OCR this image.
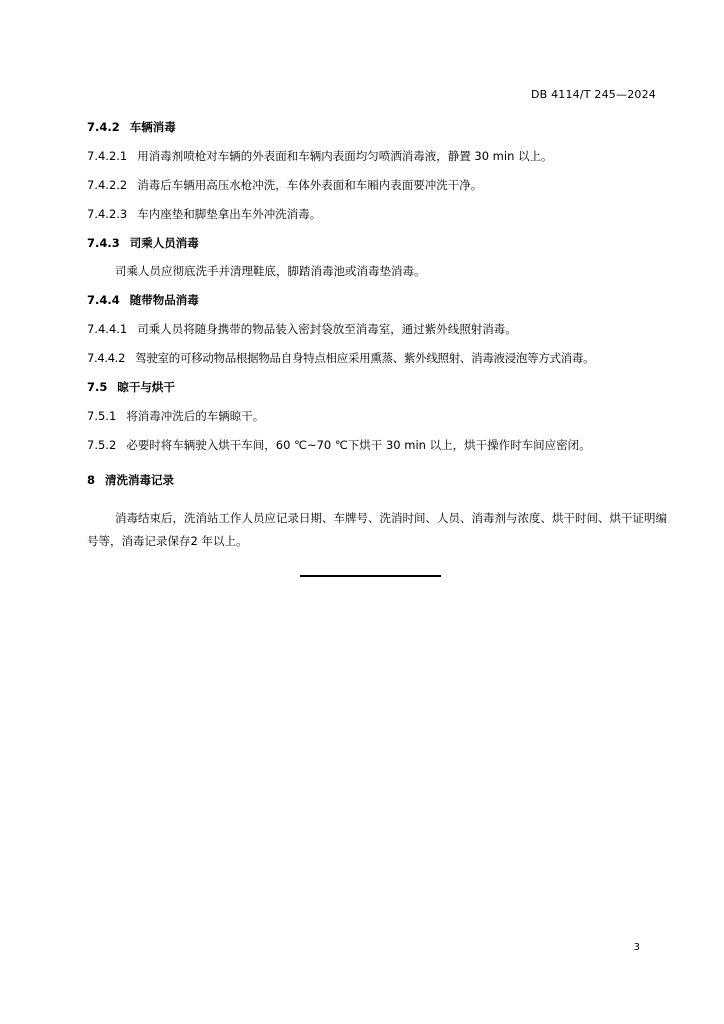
DB 4114/T 245—2024
7.4.2 车辆消毒
7.4.2.1 用消毒剂喷枪对车辆的外表面和车辆内表面均匀喷洒消毒液，静置 30 min 以上。
7.4.2.2 消毒后车辆用高压水枪冲洗，车体外表面和车厢内表面要冲洗干净。
7.4.2.3 车内座垫和脚垫拿出车外冲洗消毒。
7.4.3 司乘人员消毒
司乘人员应彻底洗手并清理鞋底，脚踏消毒池或消毒垫消毒。
7.4.4 随带物品消毒
7.4.4.1 司乘人员将随身携带的物品装入密封袋放至消毒室，通过紫外线照射消毒。
7.4.4.2 驾驶室的可移动物品根据物品自身特点相应采用熏蒸、紫外线照射、消毒液浸泡等方式消毒。
7.5 晾干与烘干
7.5.1 将消毒冲洗后的车辆晾干。
7.5.2 必要时将车辆驶入烘干车间，60 ℃~70 ℃下烘干 30 min 以上，烘干操作时车间应密闭。
8 清洗消毒记录
消毒结束后，洗消站工作人员应记录日期、车牌号、洗消时间、人员、消毒剂与浓度、烘干时间、烘干证明编号等，消毒记录保存2 年以上。
3
